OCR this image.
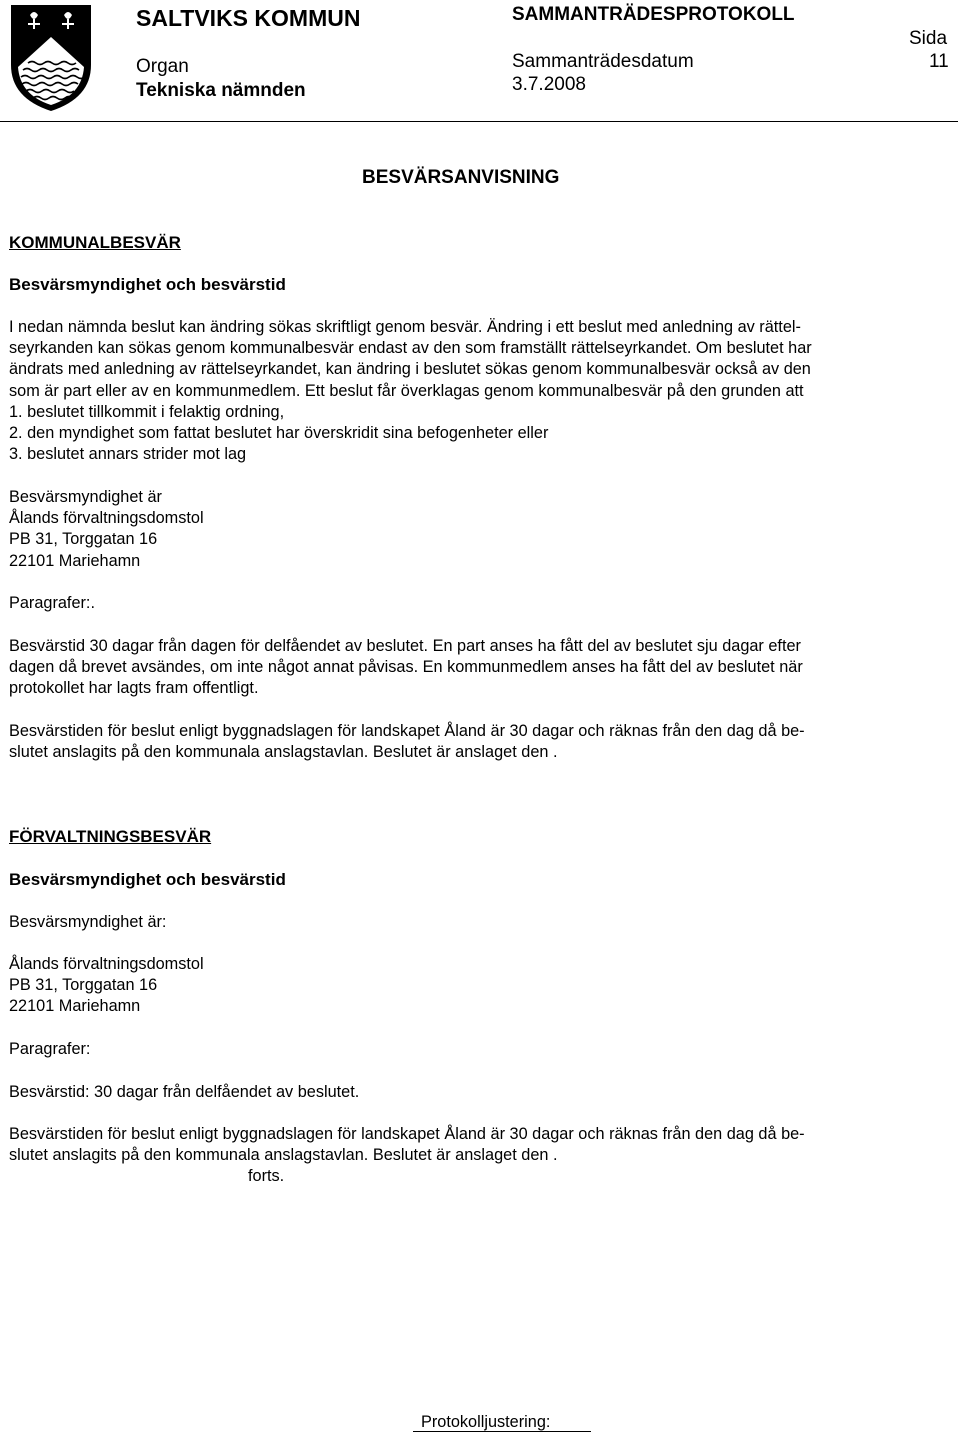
SALTVIKS KOMMUN
Organ
Tekniska nämnden
SAMMANTRÄDESPROTOKOLL
Sammanträdesdatum
3.7.2008
Sida
11
BESVÄRSANVISNING
KOMMUNALBESVÄR
Besvärsmyndighet och besvärstid
I nedan nämnda beslut kan ändring sökas skriftligt genom besvär. Ändring i ett beslut med anledning av rättel-
seyrkanden kan sökas genom kommunalbesvär endast av den som framställt rättelseyrkandet. Om beslutet har
ändrats med anledning av rättelseyrkandet, kan ändring i beslutet sökas genom kommunalbesvär också av den
som är part eller av en kommunmedlem. Ett beslut får överklagas genom kommunalbesvär på den grunden att
1. beslutet tillkommit i felaktig ordning,
2. den myndighet som fattat beslutet har överskridit sina befogenheter eller
3. beslutet annars strider mot lag
Besvärsmyndighet är
Ålands förvaltningsdomstol
PB 31, Torggatan 16
22101 Mariehamn
Paragrafer:.
Besvärstid 30 dagar från dagen för delfåendet av beslutet. En part anses ha fått del av beslutet sju dagar efter
dagen då brevet avsändes, om inte något annat påvisas. En kommunmedlem anses ha fått del av beslutet när
protokollet har lagts fram offentligt.
Besvärstiden för beslut enligt byggnadslagen för landskapet Åland är 30 dagar och räknas från den dag då be-
slutet anslagits på den kommunala anslagstavlan. Beslutet är anslaget den .
FÖRVALTNINGSBESVÄR
Besvärsmyndighet och besvärstid
Besvärsmyndighet är:
Ålands förvaltningsdomstol
PB 31, Torggatan 16
22101 Mariehamn
Paragrafer:
Besvärstid: 30 dagar från delfåendet av beslutet.
Besvärstiden för beslut enligt byggnadslagen för landskapet Åland är 30 dagar och räknas från den dag då be-
slutet anslagits på den kommunala anslagstavlan. Beslutet är anslaget den .
forts.
Protokolljustering:
